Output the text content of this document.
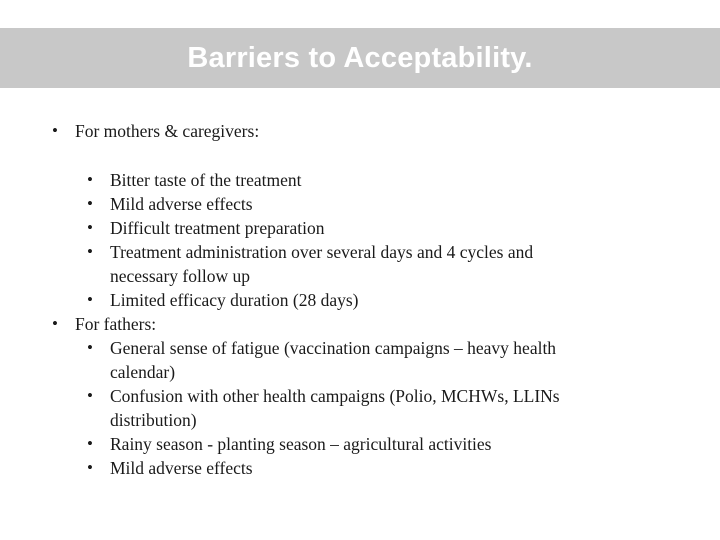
Barriers to Acceptability.
• For mothers & caregivers:
• Bitter taste of the treatment
• Mild adverse effects
• Difficult treatment preparation
• Treatment administration over several days and 4 cycles and
necessary follow up
• Limited efficacy duration (28 days)
• For fathers:
• General sense of fatigue (vaccination campaigns – heavy health
calendar)
• Confusion with other health campaigns (Polio, MCHWs, LLINs
distribution)
• Rainy season - planting season – agricultural activities
• Mild adverse effects
